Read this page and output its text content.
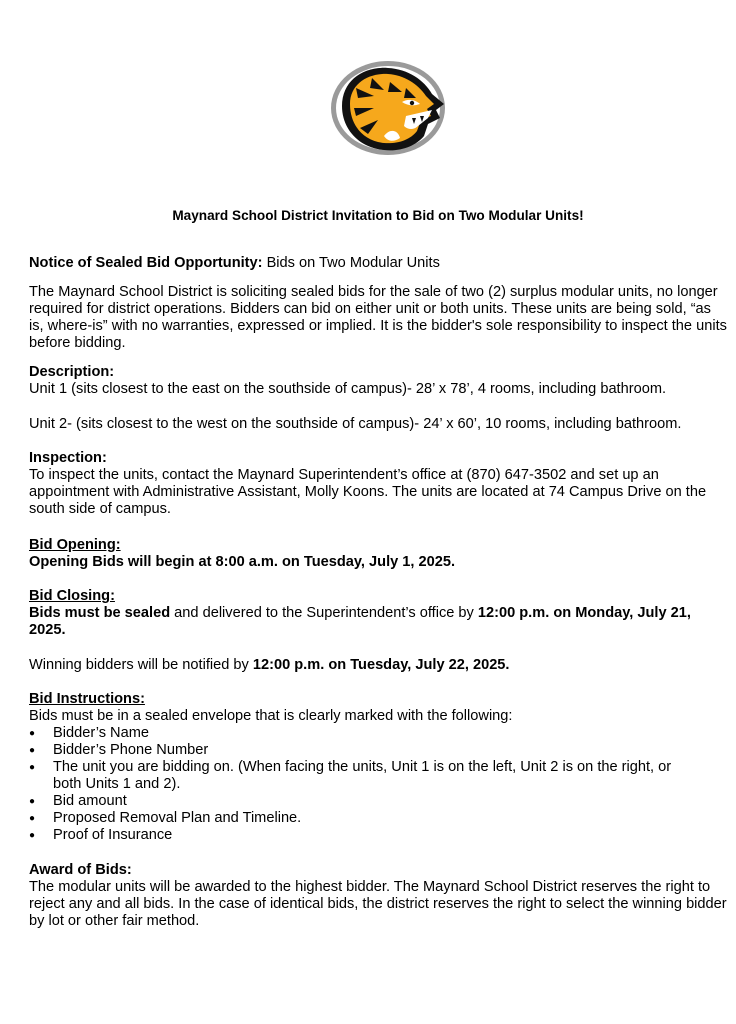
Maynard School District Invitation to Bid on Two Modular Units!
Notice of Sealed Bid Opportunity: Bids on Two Modular Units

The Maynard School District is soliciting sealed bids for the sale of two (2) surplus modular units, no longer required for district operations. Bidders can bid on either unit or both units. These units are being sold, “as is, where-is” with no warranties, expressed or implied. It is the bidder's sole responsibility to inspect the units before bidding.

Description:
Unit 1 (sits closest to the east on the southside of campus)- 28’ x 78’, 4 rooms, including bathroom.
Unit 2- (sits closest to the west on the southside of campus)- 24’ x 60’, 10 rooms, including bathroom.
Inspection:
To inspect the units, contact the Maynard Superintendent’s office at (870) 647-3502 and set up an appointment with Administrative Assistant, Molly Koons. The units are located at 74 Campus Drive on the south side of campus.
Bid Opening:
Opening Bids will begin at 8:00 a.m. on Tuesday, July 1, 2025.
Bid Closing:
Bids must be sealed and delivered to the Superintendent’s office by 12:00 p.m. on Monday, July 21, 2025.
Winning bidders will be notified by 12:00 p.m. on Tuesday, July 22, 2025.
Bid Instructions:
Bids must be in a sealed envelope that is clearly marked with the following:
● Bidder’s Name
● Bidder’s Phone Number
● The unit you are bidding on. (When facing the units, Unit 1 is on the left, Unit 2 is on the right, or both Units 1 and 2).
● Bid amount
● Proposed Removal Plan and Timeline.
● Proof of Insurance
Award of Bids:
The modular units will be awarded to the highest bidder. The Maynard School District reserves the right to reject any and all bids. In the case of identical bids, the district reserves the right to select the winning bidder by lot or other fair method.
